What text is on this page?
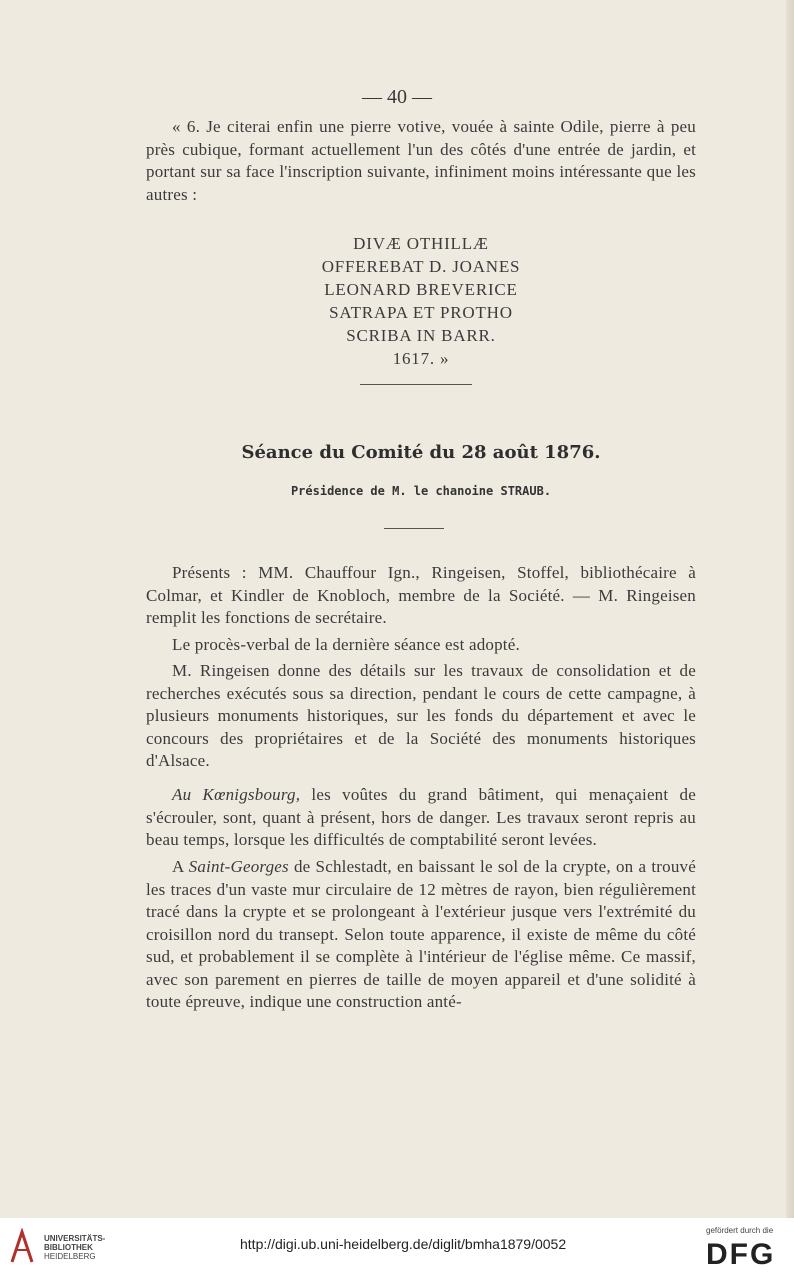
— 40 —

« 6. Je citerai enfin une pierre votive, vouée à sainte Odile, pierre à peu près cubique, formant actuellement l'un des côtés d'une entrée de jardin, et portant sur sa face l'inscription suivante, infiniment moins intéressante que les autres :

DIVÆ OTHILLÆ
OFFEREBAT D. JOANES
LEONARD BREVERICE
SATRAPA ET PROTHO
SCRIBA IN BARR.
1617. »
Séance du Comité du 28 août 1876.
Présidence de M. le chanoine STRAUB.

Présents : MM. Chauffour Ign., Ringeisen, Stoffel, bibliothécaire à Colmar, et Kindler de Knobloch, membre de la Société. — M. Ringeisen remplit les fonctions de secrétaire.

Le procès-verbal de la dernière séance est adopté.

M. Ringeisen donne des détails sur les travaux de consolidation et de recherches exécutés sous sa direction, pendant le cours de cette campagne, à plusieurs monuments historiques, sur les fonds du département et avec le concours des propriétaires et de la Société des monuments historiques d'Alsace.

Au Kœnigsbourg, les voûtes du grand bâtiment, qui menaçaient de s'écrouler, sont, quant à présent, hors de danger. Les travaux seront repris au beau temps, lorsque les difficultés de comptabilité seront levées.

A Saint-Georges de Schlestadt, en baissant le sol de la crypte, on a trouvé les traces d'un vaste mur circulaire de 12 mètres de rayon, bien régulièrement tracé dans la crypte et se prolongeant à l'extérieur jusque vers l'extrémité du croisillon nord du transept. Selon toute apparence, il existe de même du côté sud, et probablement il se complète à l'intérieur de l'église même. Ce massif, avec son parement en pierres de taille de moyen appareil et d'une solidité à toute épreuve, indique une construction anté-

UNIVERSITÄTS-
BIBLIOTHEK
HEIDELBERG
http://digi.ub.uni-heidelberg.de/diglit/bmha1879/0052
gefördert durch die
DFG
